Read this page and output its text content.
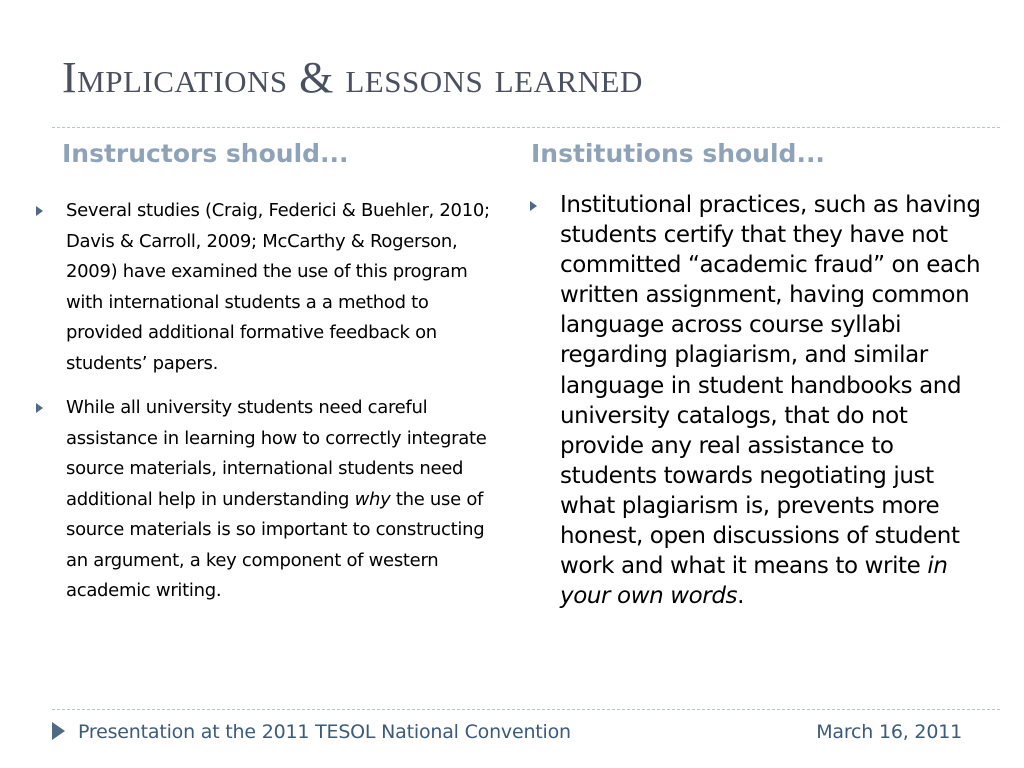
Implications & lessons learned
Instructors should...	Institutions should...
Several studies (Craig, Federici & Buehler, 2010; Davis & Carroll, 2009; McCarthy & Rogerson, 2009) have examined the use of this program with international students a a method to provided additional formative feedback on students’ papers.
While all university students need careful assistance in learning how to correctly integrate source materials, international students need additional help in understanding why the use of source materials is so important to constructing an argument, a key component of western academic writing.
Institutional practices, such as having students certify that they have not committed “academic fraud” on each written assignment, having common language across course syllabi regarding plagiarism, and similar language in student handbooks and university catalogs, that do not provide any real assistance to students towards negotiating just what plagiarism is, prevents more honest, open discussions of student work and what it means to write in your own words.
Presentation at the 2011 TESOL National Convention	March 16, 2011
